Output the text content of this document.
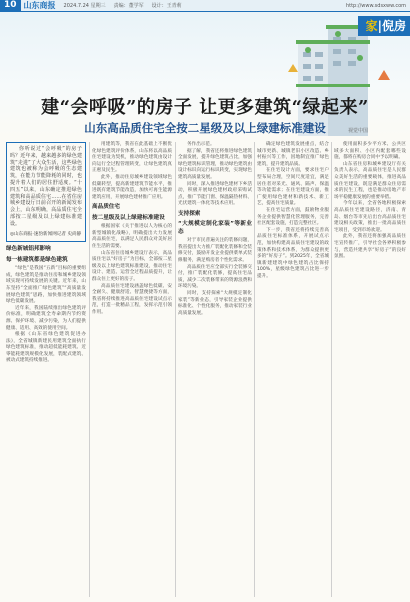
10 山东商报 2024.7.24 星期三 责编：董学军 设计：王青莉	http://www.sdsxww.com
家|倪房
视觉中国
建“会呼吸”的房子 让更多建筑“绿起来”
山东高品质住宅全按二星级及以上绿建标准建设

你听说过“会呼吸”的房子吗？近年来，越来越多的绿色建筑“走进”了大众生活，这些绿色建筑也被称为会呼吸的生态建筑，在能力节能降耗的同时，也提升着人们的居住舒适度。“十四五”以来，山东确定推进绿色建筑和高品质住宅……在省住房城乡建设厅日前召开的新闻发布会上，山东明确，高品质住宅全部按二星级及以上绿建标准建设。

◎山东商报·速豹新闻网记者 史尚静
绿色新城铝邦影响
每一栋建筑都是绿色建筑

“绿色”是我国“五新”目标的重要组成，绿色建筑是推动住房和城乡建设领域实现可持续发展的关键。近年来，山东坚持“全面推广绿色建筑”“高质量发展绿色建筑”思路，加快推进建筑领域绿色低碳发展。

近年来，我国陆续推出绿色建筑评价标准，明确建筑全寿命期内节约资源、保护环境、减少污染，为人们提供健康、适用、高效的使用空间。

根据《山东省绿色建筑促进办法》，全省城镇新建民用建筑全面执行绿色建筑标准，推动超低能耗建筑、近零能耗建筑规模化发展，装配式建筑、被动式建筑持续推进。

用建筑等，我省在此基础上不断优化绿色建筑评价体系，山东将以高品质住宅建设为契机，推动绿色建筑由设计向运行全过程管理转变，让绿色建筑真正惠及民生。

此外，推动住房城乡建设领域绿色低碳转型，提高新建建筑节能水平，推进既有建筑节能改造，加快可再生能源建筑应用，开展绿色建材推广应用。

高品质住宅
按二星级及以上绿建标准建设

根据国家《关于推进以人为核心的新型城镇化战略》，明确提出大力发展高品质住宅，以满足人民群众对美好居住生活的需要。

山东省住房城乡建设厅表示，高品质住宅以“好房子”为目标，全部按二星级及以上绿色建筑标准建设，推动住宅设计、建造、运营全过程品质提升，让群众住上更好的房子。

高品质住宅建设涵盖绿色低碳、安全耐久、健康舒适、智慧便捷等方面，我省将持续推进高品质住宅建设试点示范，打造一批精品工程，发挥示范引领作用。

务作出示范。

据了解，我省还将推进绿色建筑全面发展，提升绿色建筑占比，加强绿色建筑标识管理，推动绿色建筑由设计标识向运行标识转变，实现绿色建筑高质量发展。

同时，深入推进绿色建材下乡活动，积极开展绿色建材政府采购试点，推广节能门窗、保温隔热材料、光伏建筑一体化等技术应用。

支持探索
“大规模定制化家装”等新业态

对于市民普遍关注的装修问题，我省提出大力推广装配化装修和全装修交付，鼓励开发企业提供菜单式装修服务，满足购房者个性化需求。

高品质住宅应全部实行全装修交付，推广装配化装修，提高住宅品质，减少二次装修带来的资源浪费和环境污染。

同时，支持探索“大规模定制化家装”等新业态，引导家装企业提供标准化、个性化服务，推动家装行业高质量发展。

确定绿色建筑发展重点，结合城市更新、城镇老旧小区改造、乡村振兴等工作，因地制宜推广绿色建筑，提升建筑品质。

在住宅设计方面，要求住宅户型布局合理，空间尺度适宜，满足居住者对采光、通风、隔声、保温等功能需求；在住宅建设方面，推广使用绿色建材和新技术、新工艺，提高住宅质量。

在住宅运营方面，鼓励物业服务企业提供智慧化管理服务，完善社区配套设施，打造完整社区。

下一步，我省还将持续完善高品质住宅标准体系，开展试点示范，加快构建高品质住宅建设的政策体系和技术体系，为群众提供更多的“好房子”。到2025年，全省城镇新建建筑中绿色建筑占比保持100%，星级绿色建筑占比进一步提升。

使用面积多少平方米、公共区域多大面积、小区内配套哪些设施，都将在购房合同中予以明确。

山东省住房和城乡建设厅有关负责人表示，高品质住宅是人民群众美好生活的重要载体，推进高品质住宅建设，既是满足群众住房需求的民生工程，也是推动房地产市场平稳健康发展的重要举措。

今年以来，全省各地积极探索高品质住宅建设路径，济南、青岛、烟台等市先后出台高品质住宅建设相关政策，推出一批高品质住宅项目，受到市场欢迎。

此外，我省还将加强高品质住宅宣传推广，引导社会各界积极参与，营造共建共享“好房子”的良好氛围。
